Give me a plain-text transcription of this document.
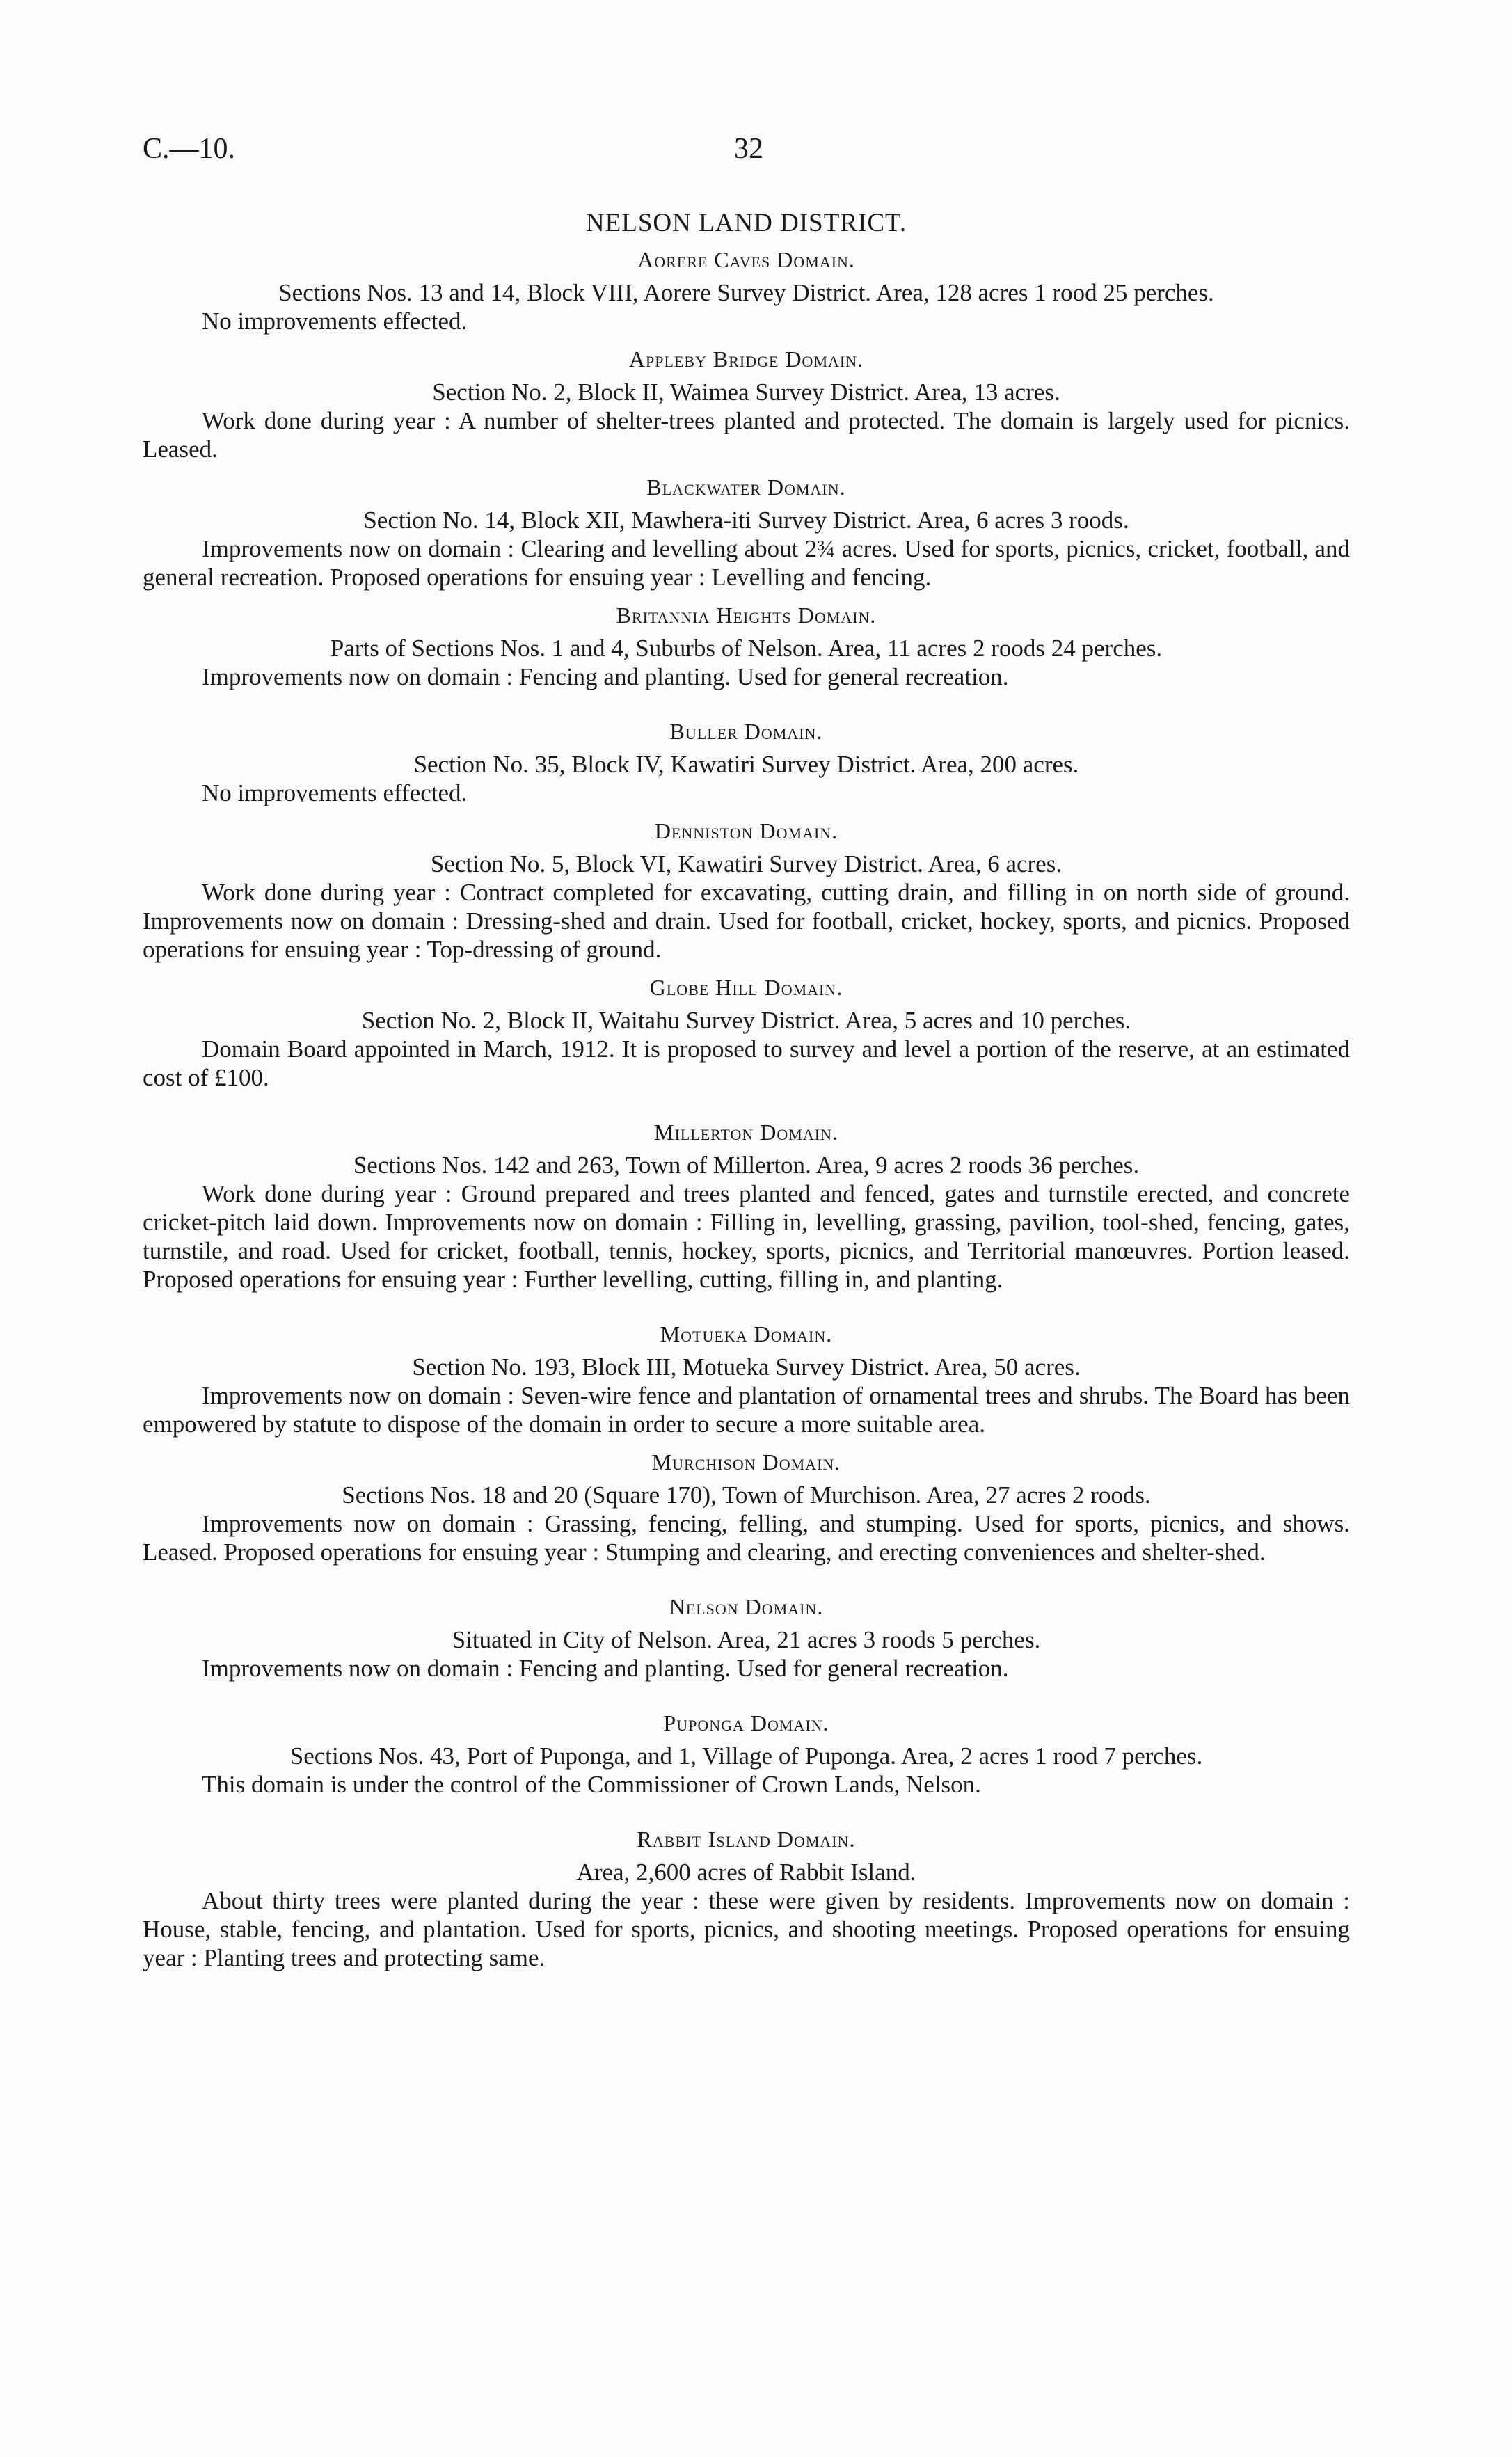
C.—10.	32
NELSON LAND DISTRICT.
Aorere Caves Domain.

Sections Nos. 13 and 14, Block VIII, Aorere Survey District. Area, 128 acres 1 rood 25 perches.

No improvements effected.

Appleby Bridge Domain.

Section No. 2, Block II, Waimea Survey District. Area, 13 acres.

Work done during year : A number of shelter-trees planted and protected. The domain is largely used for picnics. Leased.

Blackwater Domain.

Section No. 14, Block XII, Mawhera-iti Survey District. Area, 6 acres 3 roods.

Improvements now on domain : Clearing and levelling about 2¾ acres. Used for sports, picnics, cricket, football, and general recreation. Proposed operations for ensuing year : Levelling and fencing.

Britannia Heights Domain.

Parts of Sections Nos. 1 and 4, Suburbs of Nelson. Area, 11 acres 2 roods 24 perches.

Improvements now on domain : Fencing and planting. Used for general recreation.

Buller Domain.

Section No. 35, Block IV, Kawatiri Survey District. Area, 200 acres.

No improvements effected.

Denniston Domain.

Section No. 5, Block VI, Kawatiri Survey District. Area, 6 acres.

Work done during year : Contract completed for excavating, cutting drain, and filling in on north side of ground. Improvements now on domain : Dressing-shed and drain. Used for football, cricket, hockey, sports, and picnics. Proposed operations for ensuing year : Top-dressing of ground.

Globe Hill Domain.

Section No. 2, Block II, Waitahu Survey District. Area, 5 acres and 10 perches.

Domain Board appointed in March, 1912. It is proposed to survey and level a portion of the reserve, at an estimated cost of £100.

Millerton Domain.

Sections Nos. 142 and 263, Town of Millerton. Area, 9 acres 2 roods 36 perches.

Work done during year : Ground prepared and trees planted and fenced, gates and turnstile erected, and concrete cricket-pitch laid down. Improvements now on domain : Filling in, levelling, grassing, pavilion, tool-shed, fencing, gates, turnstile, and road. Used for cricket, football, tennis, hockey, sports, picnics, and Territorial manœuvres. Portion leased. Proposed operations for ensuing year : Further levelling, cutting, filling in, and planting.

Motueka Domain.

Section No. 193, Block III, Motueka Survey District. Area, 50 acres.

Improvements now on domain : Seven-wire fence and plantation of ornamental trees and shrubs. The Board has been empowered by statute to dispose of the domain in order to secure a more suitable area.

Murchison Domain.

Sections Nos. 18 and 20 (Square 170), Town of Murchison. Area, 27 acres 2 roods.

Improvements now on domain : Grassing, fencing, felling, and stumping. Used for sports, picnics, and shows. Leased. Proposed operations for ensuing year : Stumping and clearing, and erecting conveniences and shelter-shed.

Nelson Domain.

Situated in City of Nelson. Area, 21 acres 3 roods 5 perches.

Improvements now on domain : Fencing and planting. Used for general recreation.

Puponga Domain.

Sections Nos. 43, Port of Puponga, and 1, Village of Puponga. Area, 2 acres 1 rood 7 perches.

This domain is under the control of the Commissioner of Crown Lands, Nelson.

Rabbit Island Domain.

Area, 2,600 acres of Rabbit Island.

About thirty trees were planted during the year : these were given by residents. Improvements now on domain : House, stable, fencing, and plantation. Used for sports, picnics, and shooting meetings. Proposed operations for ensuing year : Planting trees and protecting same.
